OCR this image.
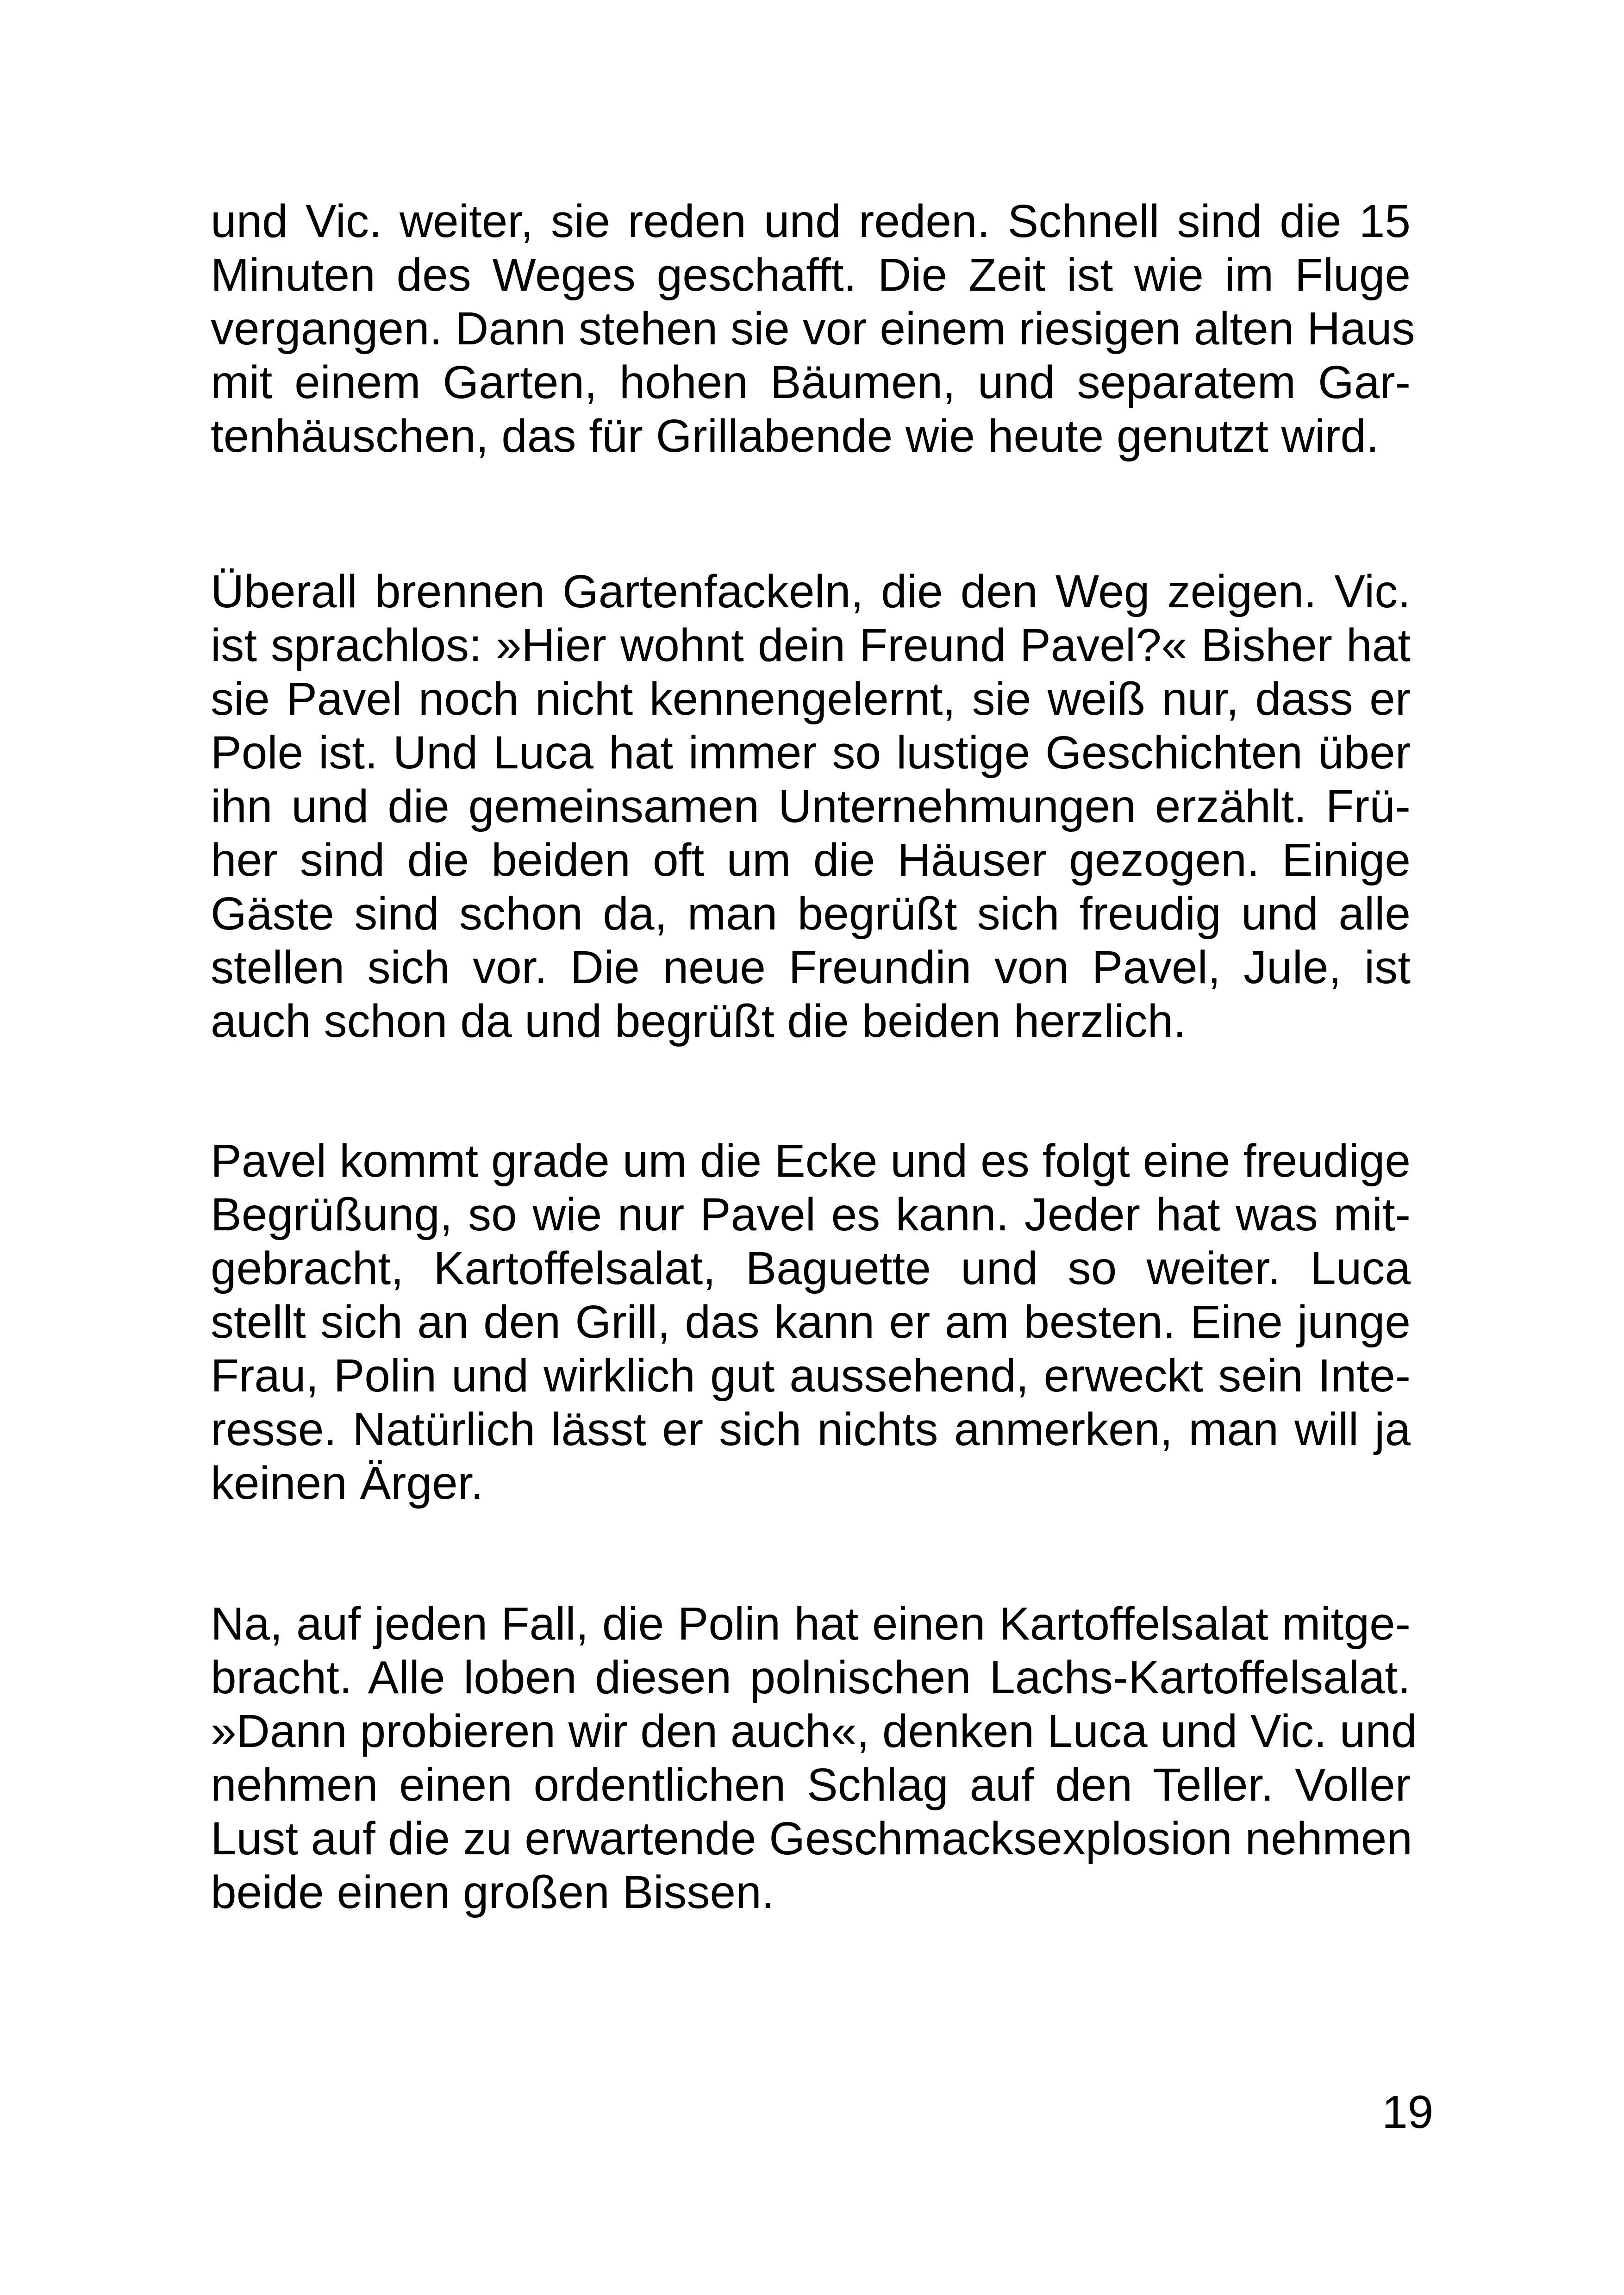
und Vic. weiter, sie reden und reden. Schnell sind die 15
Minuten des Weges geschafft. Die Zeit ist wie im Fluge
vergangen. Dann stehen sie vor einem riesigen alten Haus
mit einem Garten, hohen Bäumen, und separatem Gar-
tenhäuschen, das für Grillabende wie heute genutzt wird.
Überall brennen Gartenfackeln, die den Weg zeigen. Vic.
ist sprachlos: »Hier wohnt dein Freund Pavel?« Bisher hat
sie Pavel noch nicht kennengelernt, sie weiß nur, dass er
Pole ist. Und Luca hat immer so lustige Geschichten über
ihn und die gemeinsamen Unternehmungen erzählt. Frü-
her sind die beiden oft um die Häuser gezogen. Einige
Gäste sind schon da, man begrüßt sich freudig und alle
stellen sich vor. Die neue Freundin von Pavel, Jule, ist
auch schon da und begrüßt die beiden herzlich.
Pavel kommt grade um die Ecke und es folgt eine freudige
Begrüßung, so wie nur Pavel es kann. Jeder hat was mit-
gebracht, Kartoffelsalat, Baguette und so weiter. Luca
stellt sich an den Grill, das kann er am besten. Eine junge
Frau, Polin und wirklich gut aussehend, erweckt sein Inte-
resse. Natürlich lässt er sich nichts anmerken, man will ja
keinen Ärger.
Na, auf jeden Fall, die Polin hat einen Kartoffelsalat mitge-
bracht. Alle loben diesen polnischen Lachs-Kartoffelsalat.
»Dann probieren wir den auch«, denken Luca und Vic. und
nehmen einen ordentlichen Schlag auf den Teller. Voller
Lust auf die zu erwartende Geschmacksexplosion nehmen
beide einen großen Bissen.
19
